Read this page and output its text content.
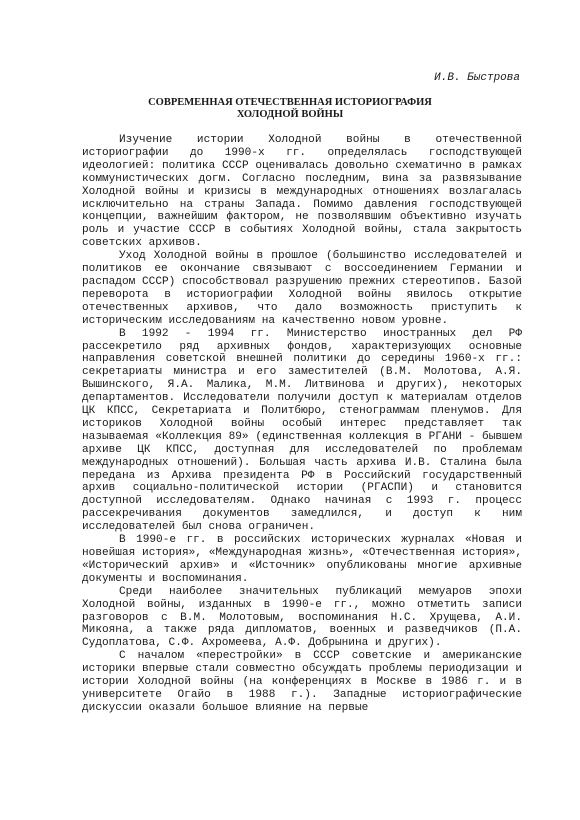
И.В. Быстрова

СОВРЕМЕННАЯ ОТЕЧЕСТВЕННАЯ ИСТОРИОГРАФИЯ
ХОЛОДНОЙ ВОЙНЫ

Изучение истории Холодной войны в отечественной историографии до 1990-х гг. определялась господствующей идеологией: политика СССР оценивалась довольно схематично в рамках коммунистических догм. Согласно последним, вина за развязывание Холодной войны и кризисы в международных отношениях возлагалась исключительно на страны Запада. Помимо давления господствующей концепции, важнейшим фактором, не позволявшим объективно изучать роль и участие СССР в событиях Холодной войны, стала закрытость советских архивов.

Уход Холодной войны в прошлое (большинство исследователей и политиков ее окончание связывают с воссоединением Германии и распадом СССР) способствовал разрушению прежних стереотипов. Базой переворота в историографии Холодной войны явилось открытие отечественных архивов, что дало возможность приступить к историческим исследованиям на качественно новом уровне.

В 1992 - 1994 гг. Министерство иностранных дел РФ рассекретило ряд архивных фондов, характеризующих основные направления советской внешней политики до середины 1960-х гг.: секретариаты министра и его заместителей (В.М. Молотова, А.Я. Вышинского, Я.А. Малика, М.М. Литвинова и других), некоторых департаментов. Исследователи получили доступ к материалам отделов ЦК КПСС, Секретариата и Политбюро, стенограммам пленумов. Для историков Холодной войны особый интерес представляет так называемая «Коллекция 89» (единственная коллекция в РГАНИ - бывшем архиве ЦК КПСС, доступная для исследователей по проблемам международных отношений). Большая часть архива И.В. Сталина была передана из Архива президента РФ в Российский государственный архив социально-политической истории (РГАСПИ) и становится доступной исследователям. Однако начиная с 1993 г. процесс рассекречивания документов замедлился, и доступ к ним исследователей был снова ограничен.

В 1990-е гг. в российских исторических журналах «Новая и новейшая история», «Международная жизнь», «Отечественная история», «Исторический архив» и «Источник» опубликованы многие архивные документы и воспоминания.

Среди наиболее значительных публикаций мемуаров эпохи Холодной войны, изданных в 1990-е гг., можно отметить записи разговоров с В.М. Молотовым, воспоминания Н.С. Хрущева, А.И. Микояна, а также ряда дипломатов, военных и разведчиков (П.А. Судоплатова, С.Ф. Ахромеева, А.Ф. Добрынина и других).

С началом «перестройки» в СССР советские и американские историки впервые стали совместно обсуждать проблемы периодизации и истории Холодной войны (на конференциях в Москве в 1986 г. и в университете Огайо в 1988 г.). Западные историографические дискуссии оказали большое влияние на первые
